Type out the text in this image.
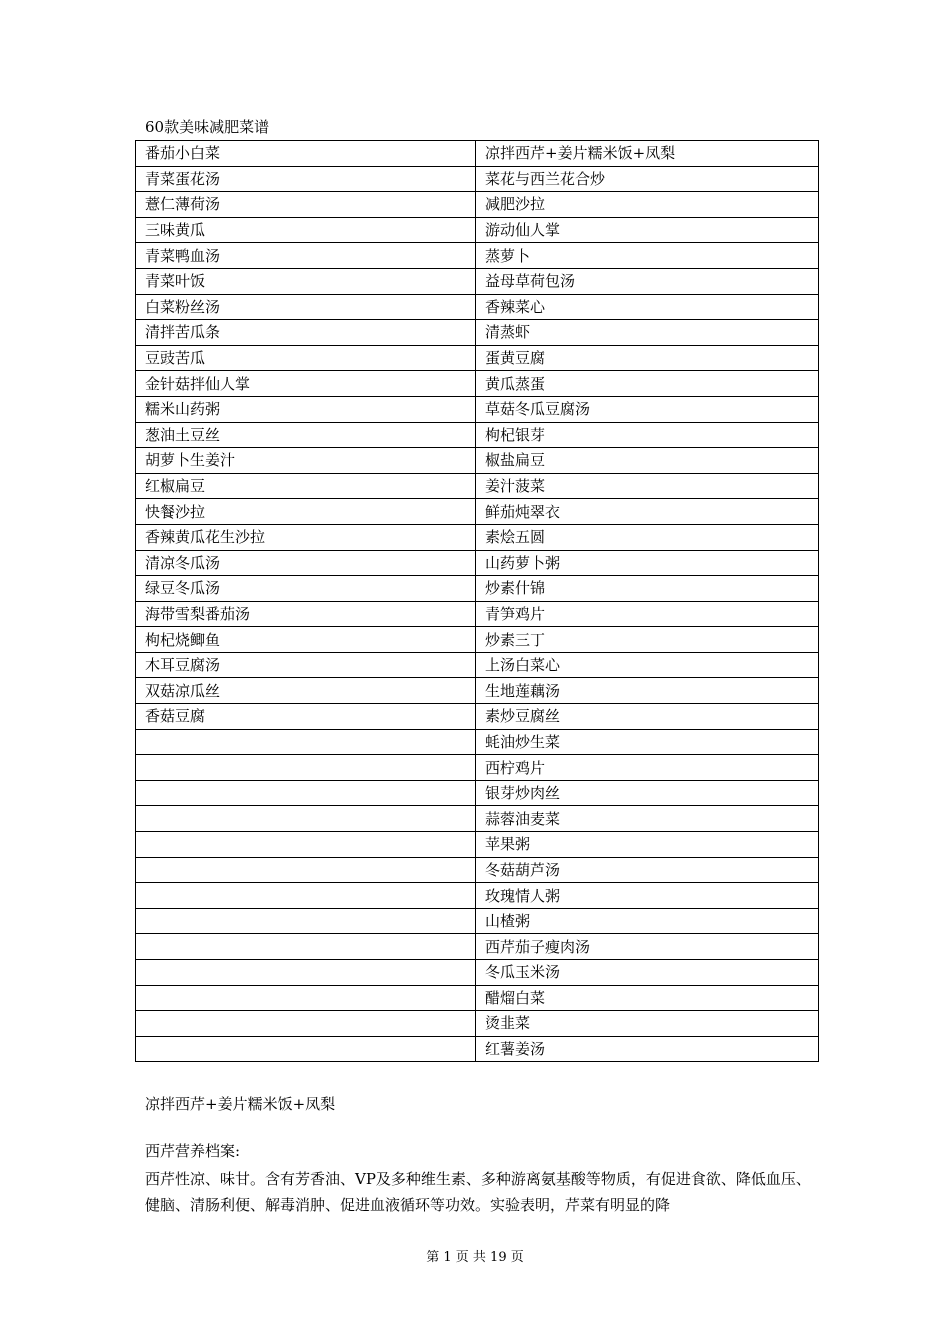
60款美味减肥菜谱
番茄小白菜	凉拌西芹+姜片糯米饭+凤梨
青菜蛋花汤	菜花与西兰花合炒
薏仁薄荷汤	减肥沙拉
三味黄瓜	游动仙人掌
青菜鸭血汤	蒸萝卜
青菜叶饭	益母草荷包汤
白菜粉丝汤	香辣菜心
清拌苦瓜条	清蒸虾
豆豉苦瓜	蛋黄豆腐
金针菇拌仙人掌	黄瓜蒸蛋
糯米山药粥	草菇冬瓜豆腐汤
葱油土豆丝	枸杞银芽
胡萝卜生姜汁	椒盐扁豆
红椒扁豆	姜汁菠菜
快餐沙拉	鲜茄炖翠衣
香辣黄瓜花生沙拉	素烩五圆
清凉冬瓜汤	山药萝卜粥
绿豆冬瓜汤	炒素什锦
海带雪梨番茄汤	青笋鸡片
枸杞烧鲫鱼	炒素三丁
木耳豆腐汤	上汤白菜心
双菇凉瓜丝	生地莲藕汤
香菇豆腐	素炒豆腐丝
	蚝油炒生菜
	西柠鸡片
	银芽炒肉丝
	蒜蓉油麦菜
	苹果粥
	冬菇葫芦汤
	玫瑰情人粥
	山楂粥
	西芹茄子瘦肉汤
	冬瓜玉米汤
	醋熘白菜
	烫韭菜
	红薯姜汤
凉拌西芹+姜片糯米饭+凤梨
西芹营养档案:
西芹性凉、味甘。含有芳香油、VP及多种维生素、多种游离氨基酸等物质，有促进食欲、降低血压、健脑、清肠利便、解毒消肿、促进血液循环等功效。实验表明，芹菜有明显的降
第 1 页 共 19 页
